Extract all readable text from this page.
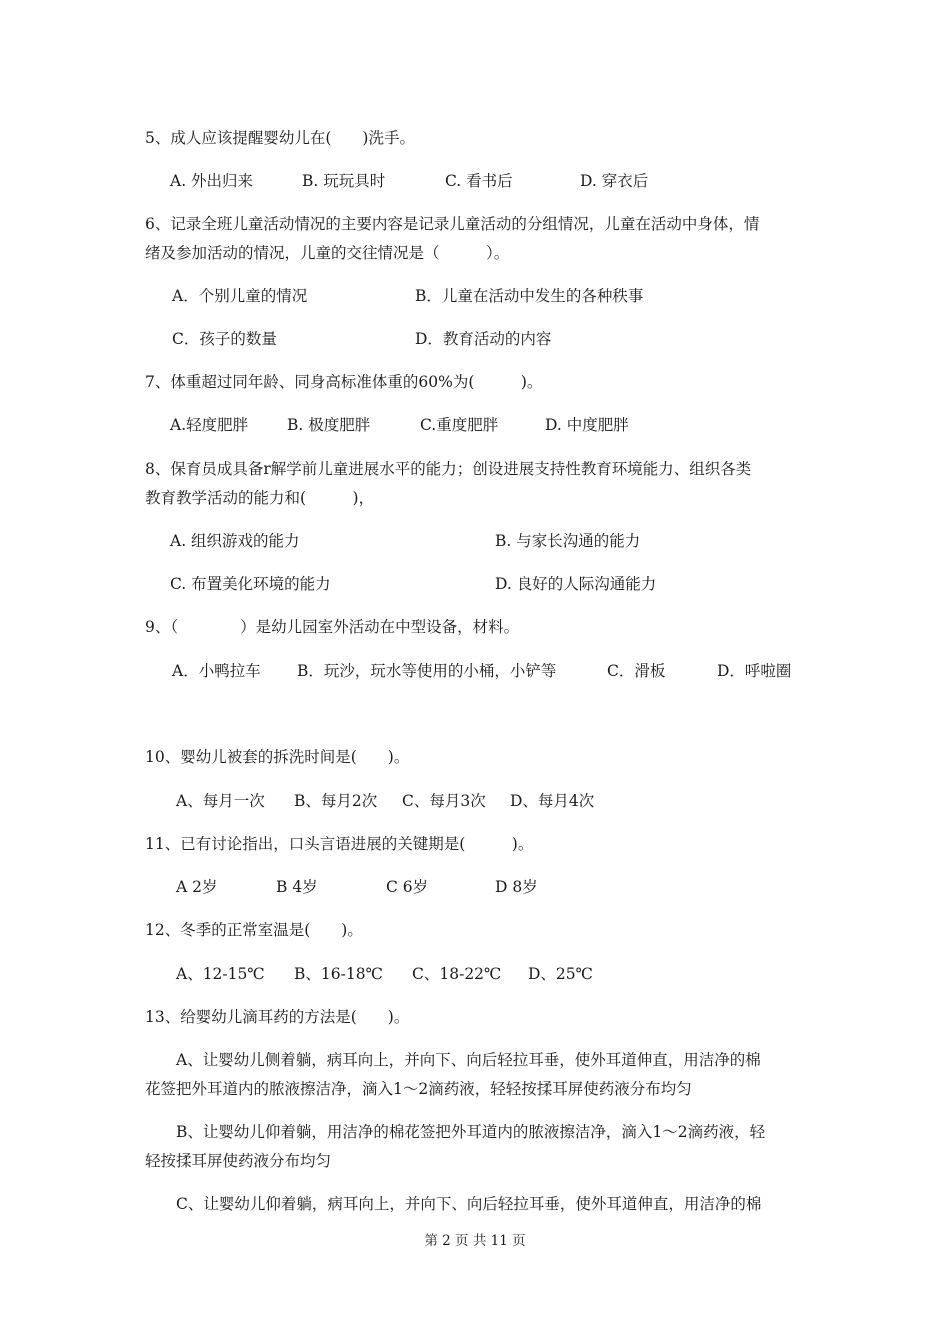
5、成人应该提醒婴幼儿在(　　)洗手。
A. 外出归来	B. 玩玩具时	C. 看书后	D. 穿衣后
6、记录全班儿童活动情况的主要内容是记录儿童活动的分组情况，儿童在活动中身体，情
绪及参加活动的情况，儿童的交往情况是（　　　）。
A．个别儿童的情况	B．儿童在活动中发生的各种秩事
C．孩子的数量	D．教育活动的内容
7、体重超过同年龄、同身高标准体重的60%为(　　　)。
A.轻度肥胖	B. 极度肥胖	C.重度肥胖	D. 中度肥胖
8、保育员成具备r解学前儿童进展水平的能力；创设进展支持性教育环境能力、组织各类
教育教学活动的能力和(　　　)，
A. 组织游戏的能力	B. 与家长沟通的能力
C. 布置美化环境的能力	D. 良好的人际沟通能力
9、（　　　　）是幼儿园室外活动在中型设备，材料。
A．小鸭拉车 B．玩沙，玩水等使用的小桶，小铲等	C．滑板	D．呼啦圈
10、婴幼儿被套的拆洗时间是(　　)。
A、每月一次 B、每月2次 C、每月3次 D、每月4次
11、已有讨论指出，口头言语进展的关键期是(　　　)。
A 2岁	B 4岁	C 6岁	D 8岁
12、冬季的正常室温是(　　)。
A、12-15℃ B、16-18℃ C、18-22℃ D、25℃
13、给婴幼儿滴耳药的方法是(　　)。
A、让婴幼儿侧着躺，病耳向上，并向下、向后轻拉耳垂，使外耳道伸直，用洁净的棉
花签把外耳道内的脓液擦洁净，滴入1～2滴药液，轻轻按揉耳屏使药液分布均匀
B、让婴幼儿仰着躺，用洁净的棉花签把外耳道内的脓液擦洁净，滴入1～2滴药液，轻
轻按揉耳屏使药液分布均匀
C、让婴幼儿仰着躺，病耳向上，并向下、向后轻拉耳垂，使外耳道伸直，用洁净的棉
第 2 页 共 11 页
